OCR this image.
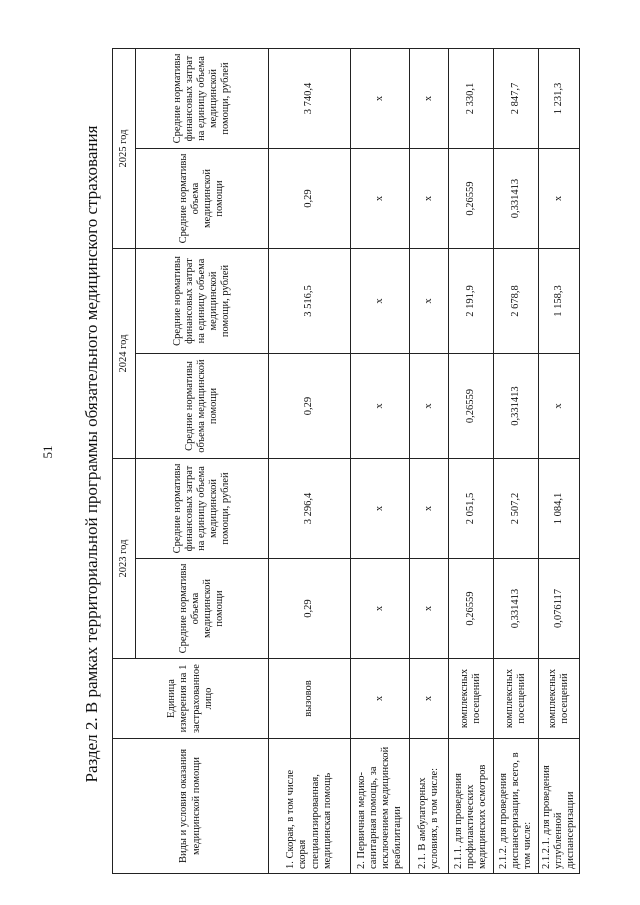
51 Раздел 2. В рамках территориальной программы обязательного медицинского страхования
Виды и условия оказания медицинской помощи	Единица измерения на 1 застрахованное лицо	2023 год		2024 год		2025 год	
		Средние нормативы объема медицинской помощи	Средние нормативы финансовых затрат на единицу объема медицинской помощи, рублей	Средние нормативы объема медицинской помощи	Средние нормативы финансовых затрат на единицу объема медицинской помощи, рублей	Средние нормативы объема медицинской помощи	Средние нормативы финансовых затрат на единицу объема медицинской помощи, рублей
1. Скорая, в том числе скорая специализированная, медицинская помощь	вызовов	0,29	3 296,4	0,29	3 516,5	0,29	3 740,4
2. Первичная медико-санитарная помощь, за исключением медицинской реабилитации	x	x	x	x	x	x	x
2.1. В амбулаторных условиях, в том числе:	x	x	x	x	x	x	x
2.1.1. для проведения профилактических медицинских осмотров	комплексных посещений	0,26559	2 051,5	0,26559	2 191,9	0,26559	2 330,1
2.1.2. для проведения диспансеризации, всего, в том числе:	комплексных посещений	0,331413	2 507,2	0,331413	2 678,8	0,331413	2 847,7
2.1.2.1. для проведения углубленной диспансеризации	комплексных посещений	0,076117	1 084,1	x	1 158,3	x	1 231,3
